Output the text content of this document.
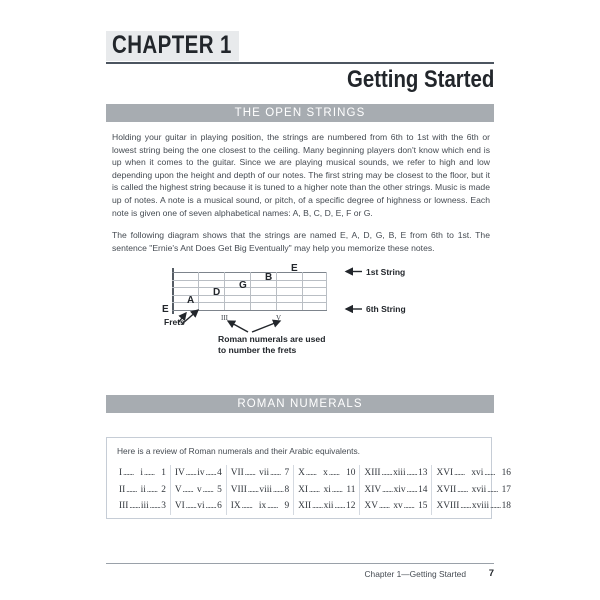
CHAPTER 1
Getting Started
THE OPEN STRINGS
Holding your guitar in playing position, the strings are numbered from 6th to 1st with the 6th or lowest string being the one closest to the ceiling. Many beginning players don't know which end is up when it comes to the guitar. Since we are playing musical sounds, we refer to high and low depending upon the height and depth of our notes. The first string may be closest to the floor, but it is called the highest string because it is tuned to a higher note than the other strings. Music is made up of notes. A note is a musical sound, or pitch, of a specific degree of highness or lowness. Each note is given one of seven alphabetical names: A, B, C, D, E, F or G.
The following diagram shows that the strings are named E, A, D, G, B, E from 6th to 1st. The sentence "Ernie's Ant Does Get Big Eventually" may help you memorize these notes.
E
A
D
G
B
E
III	V
Frets
1st String
6th String
Roman numerals are used
to number the frets
ROMAN NUMERALS
Here is a review of Roman numerals and their Arabic equivalents.
I ....... i ....... 1
II ....... ii ....... 2
III ....... iii ....... 3
IV ....... iv ....... 4
V ....... v ....... 5
VI ....... vi ....... 6
VII ....... vii ....... 7
VIII ....... viii ....... 8
IX ....... ix ....... 9
X ....... x ....... 10
XI ....... xi ....... 11
XII ....... xii ....... 12
XIII ....... xiii ....... 13
XIV ....... xiv ....... 14
XV ....... xv ....... 15
XVI ....... xvi ....... 16
XVII ....... xvii ....... 17
XVIII ....... xviii ....... 18
Chapter 1—Getting Started 7
